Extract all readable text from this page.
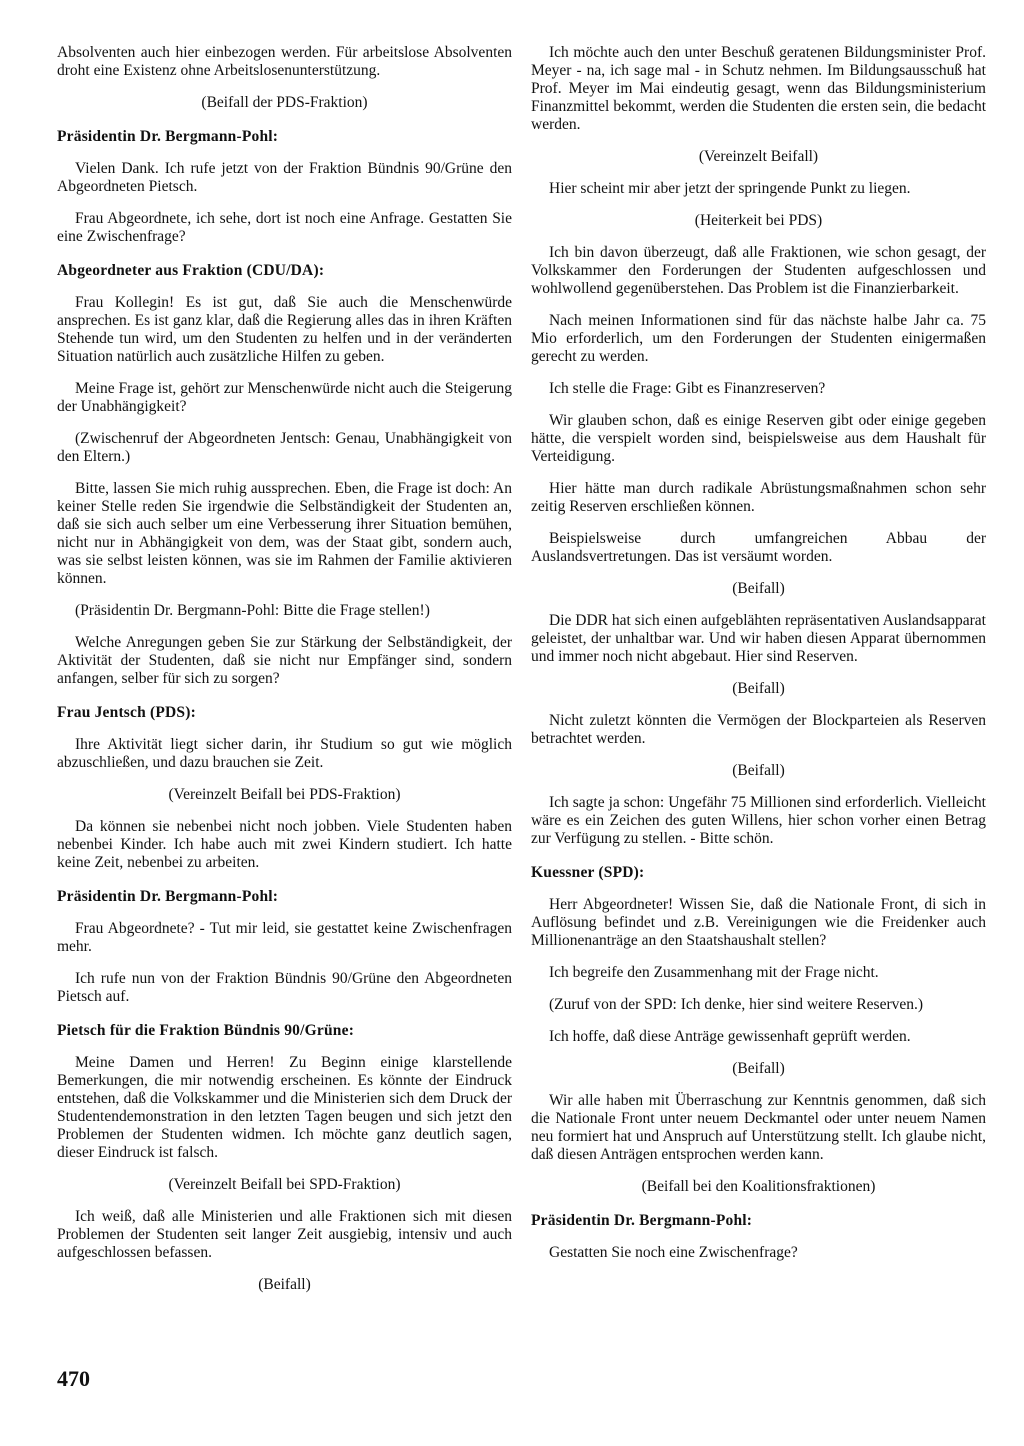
Absolventen auch hier einbezogen werden. Für arbeitslose Absolventen droht eine Existenz ohne Arbeitslosenunterstützung.

(Beifall der PDS-Fraktion)

Präsidentin Dr. Bergmann-Pohl:

Vielen Dank. Ich rufe jetzt von der Fraktion Bündnis 90/Grüne den Abgeordneten Pietsch.

Frau Abgeordnete, ich sehe, dort ist noch eine Anfrage. Gestatten Sie eine Zwischenfrage?

Abgeordneter aus Fraktion (CDU/DA):

Frau Kollegin! Es ist gut, daß Sie auch die Menschenwürde ansprechen. Es ist ganz klar, daß die Regierung alles das in ihren Kräften Stehende tun wird, um den Studenten zu helfen und in der veränderten Situation natürlich auch zusätzliche Hilfen zu geben.

Meine Frage ist, gehört zur Menschenwürde nicht auch die Steigerung der Unabhängigkeit?

(Zwischenruf der Abgeordneten Jentsch: Genau, Unabhängigkeit von den Eltern.)

Bitte, lassen Sie mich ruhig aussprechen. Eben, die Frage ist doch: An keiner Stelle reden Sie irgendwie die Selbständigkeit der Studenten an, daß sie sich auch selber um eine Verbesserung ihrer Situation bemühen, nicht nur in Abhängigkeit von dem, was der Staat gibt, sondern auch, was sie selbst leisten können, was sie im Rahmen der Familie aktivieren können.

(Präsidentin Dr. Bergmann-Pohl: Bitte die Frage stellen!)

Welche Anregungen geben Sie zur Stärkung der Selbständigkeit, der Aktivität der Studenten, daß sie nicht nur Empfänger sind, sondern anfangen, selber für sich zu sorgen?

Frau Jentsch (PDS):

Ihre Aktivität liegt sicher darin, ihr Studium so gut wie möglich abzuschließen, und dazu brauchen sie Zeit.

(Vereinzelt Beifall bei PDS-Fraktion)

Da können sie nebenbei nicht noch jobben. Viele Studenten haben nebenbei Kinder. Ich habe auch mit zwei Kindern studiert. Ich hatte keine Zeit, nebenbei zu arbeiten.

Präsidentin Dr. Bergmann-Pohl:

Frau Abgeordnete? - Tut mir leid, sie gestattet keine Zwischenfragen mehr.

Ich rufe nun von der Fraktion Bündnis 90/Grüne den Abgeordneten Pietsch auf.

Pietsch für die Fraktion Bündnis 90/Grüne:

Meine Damen und Herren! Zu Beginn einige klarstellende Bemerkungen, die mir notwendig erscheinen. Es könnte der Eindruck entstehen, daß die Volkskammer und die Ministerien sich dem Druck der Studentendemonstration in den letzten Tagen beugen und sich jetzt den Problemen der Studenten widmen. Ich möchte ganz deutlich sagen, dieser Eindruck ist falsch.

(Vereinzelt Beifall bei SPD-Fraktion)

Ich weiß, daß alle Ministerien und alle Fraktionen sich mit diesen Problemen der Studenten seit langer Zeit ausgiebig, intensiv und auch aufgeschlossen befassen.

(Beifall)

Ich möchte auch den unter Beschuß geratenen Bildungsminister Prof. Meyer - na, ich sage mal - in Schutz nehmen. Im Bildungsausschuß hat Prof. Meyer im Mai eindeutig gesagt, wenn das Bildungsministerium Finanzmittel bekommt, werden die Studenten die ersten sein, die bedacht werden.

(Vereinzelt Beifall)

Hier scheint mir aber jetzt der springende Punkt zu liegen.

(Heiterkeit bei PDS)

Ich bin davon überzeugt, daß alle Fraktionen, wie schon gesagt, der Volkskammer den Forderungen der Studenten aufgeschlossen und wohlwollend gegenüberstehen. Das Problem ist die Finanzierbarkeit.

Nach meinen Informationen sind für das nächste halbe Jahr ca. 75 Mio erforderlich, um den Forderungen der Studenten einigermaßen gerecht zu werden.

Ich stelle die Frage: Gibt es Finanzreserven?

Wir glauben schon, daß es einige Reserven gibt oder einige gegeben hätte, die verspielt worden sind, beispielsweise aus dem Haushalt für Verteidigung.

Hier hätte man durch radikale Abrüstungsmaßnahmen schon sehr zeitig Reserven erschließen können.

Beispielsweise durch umfangreichen Abbau der Auslandsvertretungen. Das ist versäumt worden.

(Beifall)

Die DDR hat sich einen aufgeblähten repräsentativen Auslandsapparat geleistet, der unhaltbar war. Und wir haben diesen Apparat übernommen und immer noch nicht abgebaut. Hier sind Reserven.

(Beifall)

Nicht zuletzt könnten die Vermögen der Blockparteien als Reserven betrachtet werden.

(Beifall)

Ich sagte ja schon: Ungefähr 75 Millionen sind erforderlich. Vielleicht wäre es ein Zeichen des guten Willens, hier schon vorher einen Betrag zur Verfügung zu stellen. - Bitte schön.

Kuessner (SPD):

Herr Abgeordneter! Wissen Sie, daß die Nationale Front, di sich in Auflösung befindet und z.B. Vereinigungen wie die Freidenker auch Millionenanträge an den Staatshaushalt stellen?

Ich begreife den Zusammenhang mit der Frage nicht.

(Zuruf von der SPD: Ich denke, hier sind weitere Reserven.)

Ich hoffe, daß diese Anträge gewissenhaft geprüft werden.

(Beifall)

Wir alle haben mit Überraschung zur Kenntnis genommen, daß sich die Nationale Front unter neuem Deckmantel oder unter neuem Namen neu formiert hat und Anspruch auf Unterstützung stellt. Ich glaube nicht, daß diesen Anträgen entsprochen werden kann.

(Beifall bei den Koalitionsfraktionen)

Präsidentin Dr. Bergmann-Pohl:

Gestatten Sie noch eine Zwischenfrage?

470
